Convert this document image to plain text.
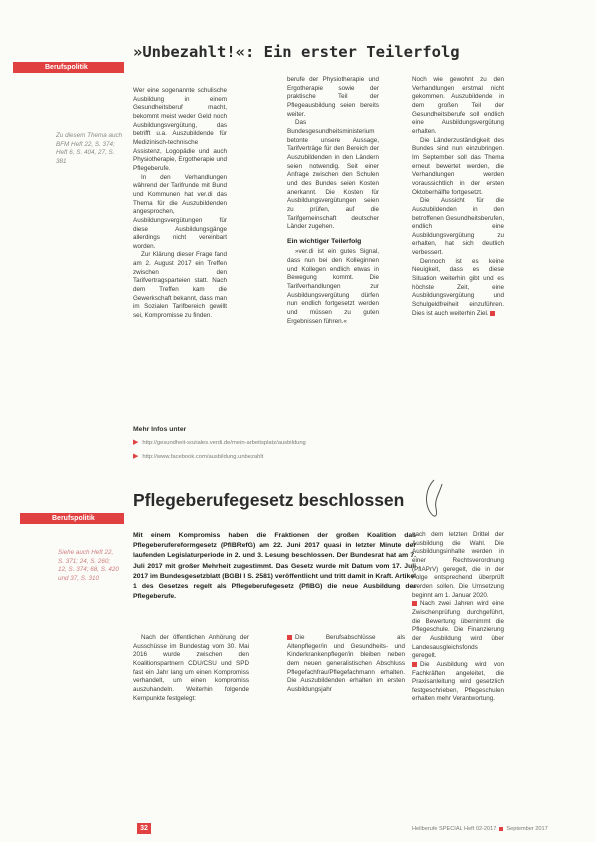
Berufspolitik
»Unbezahlt!«: Ein erster Teilerfolg
Zu diesem Thema auch BFM Heft 22, S. 374; Heft 6, S. 404, 27, S. 381

Wer eine sogenannte schulische Ausbildung in einem Gesundheitsberuf macht, bekommt meist weder Geld noch Ausbildungsvergütung, das betrifft u.a. Auszubildende für Medizinisch-technische Assistenz, Logopädie und auch Physiotherapie, Ergotherapie und Pflegeberufe.

In den Verhandlungen während der Tarifrunde mit Bund und Kommunen hat ver.di das Thema für die Auszubildenden angesprochen, Ausbildungsvergütungen für diese Ausbildungsgänge allerdings nicht vereinbart worden.

Zur Klärung dieser Frage fand am 2. August 2017 ein Treffen zwischen den Tarifvertragsparteien statt. Nach dem Treffen kam die Gewerkschaft bekannt, dass man im Sozialen Tarifbereich gewillt sei, Kompromisse zu finden.

berufe der Physiotherapie und Ergotherapie sowie der praktische Teil der Pflegeausbildung seien bereits weiter.

Das Bundesgesundheitsministerium betonte unsere Aussage, Tarifverträge für den Bereich der Auszubildenden in den Ländern seien notwendig. Seit einer Anfrage zwischen den Schulen und des Bundes seien Kosten anerkannt. Die Kosten für Ausbildungsvergütungen seien zu prüfen, auf die Tarifgemeinschaft deutscher Länder zugehen.

Ein wichtiger Teilerfolg

»ver.di ist ein gutes Signal, dass nun bei den Kolleginnen und Kollegen endlich etwas in Bewegung kommt. Die Tarifverhandlungen zur Ausbildungsvergütung dürfen nun endlich fortgesetzt werden und müssen zu guten Ergebnissen führen.«

Noch wie gewohnt zu den Verhandlungen erstmal nicht gekommen. Auszubildende in dem großen Teil der Gesundheitsberufe soll endlich eine Ausbildungsvergütung erhalten.

Die Länderzuständigkeit des Bundes sind nun einzubringen. Im September soll das Thema erneut bewertet werden, die Verhandlungen werden voraussichtlich in der ersten Oktoberhälfte fortgesetzt.

Die Aussicht für die Auszubildenden in den betroffenen Gesundheitsberufen, endlich eine Ausbildungsvergütung zu erhalten, hat sich deutlich verbessert.

Dennoch ist es keine Neuigkeit, dass es diese Situation weiterhin gibt und es höchste Zeit, eine Ausbildungsvergütung und Schulgeldfreiheit einzuführen. Dies ist auch weiterhin Ziel.

Mehr Infos unter
▶ http://gesundheit-soziales.verdi.de/mein-arbeitsplatz/ausbildung
▶ http://www.facebook.com/ausbildung.unbezahlt
Berufspolitik
Pflegeberufegesetz beschlossen
Siehe auch Heft 22, S. 371; 24, S. 260; 12, S. 374; 68, S. 420 und 37, S. 310
Mit einem Kompromiss haben die Fraktionen der großen Koalition das Pflegeberufereformgesetz (PflBRefG) am 22. Juni 2017 quasi in letzter Minute der laufenden Legislaturperiode in 2. und 3. Lesung beschlossen. Der Bundesrat hat am 7. Juli 2017 mit großer Mehrheit zugestimmt. Das Gesetz wurde mit Datum vom 17. Juli 2017 im Bundesgesetzblatt (BGBl I S. 2581) veröffentlicht und tritt damit in Kraft. Artikel 1 des Gesetzes regelt als Pflegeberufegesetz (PflBG) die neue Ausbildung der Pflegeberufe.

Nach der öffentlichen Anhörung der Ausschüsse im Bundestag vom 30. Mai 2016 wurde zwischen den Koalitionspartnern CDU/CSU und SPD fast ein Jahr lang um einen Kompromiss verhandelt, um einen kompromiss auszuhandeln. Weiterhin folgende Kernpunkte festgelegt:

Die Berufsabschlüsse als Altenpfleger/in und Gesundheits- und Kinderkrankenpfleger/in bleiben neben dem neuen generalistischen Abschluss Pflegefachfrau/Pflegefachmann erhalten. Die Auszubildenden erhalten im ersten Ausbildungsjahr

nach dem letzten Drittel der Ausbildung die Wahl. Die Ausbildungsinhalte werden in einer Rechtsverordnung (PflAPrV) geregelt, die in der Folge entsprechend überprüft werden sollen. Die Umsetzung beginnt am 1. Januar 2020.

Nach zwei Jahren wird eine Zwischenprüfung durchgeführt, die Bewertung übernimmt die Pflegeschule. Die Finanzierung der Ausbildung wird über Landesausgleichsfonds geregelt.

Die Ausbildung wird von Fachkräften angeleitet, die Praxisanleitung wird gesetzlich festgeschrieben, Pflegeschulen erhalten mehr Verantwortung.

32	Heilberufe SPECIAL Heft 02-2017 September 2017
